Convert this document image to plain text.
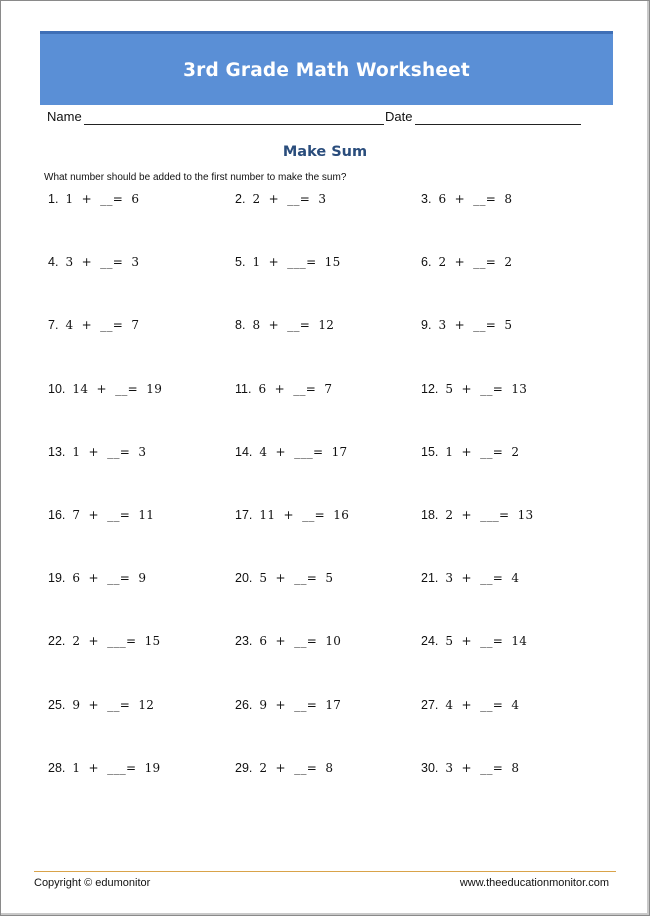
3rd Grade Math Worksheet
Name	Date
Make Sum
What number should be added to the first number to make the sum?
1. 1  +  __=  6	2. 2  +  __=  3	3. 6  +  __=  8
4. 3  +  __=  3	5. 1  +  ___=  15	6. 2  +  __=  2
7. 4  +  __=  7	8. 8  +  __=  12	9. 3  +  __=  5
10. 14  +  __=  19	11. 6  +  __=  7	12. 5  +  __=  13
13. 1  +  __=  3	14. 4  +  ___=  17	15. 1  +  __=  2
16. 7  +  __=  11	17. 11  +  __=  16	18. 2  +  ___=  13
19. 6  +  __=  9	20. 5  +  __=  5	21. 3  +  __=  4
22. 2  +  ___=  15	23. 6  +  __=  10	24. 5  +  __=  14
25. 9  +  __=  12	26. 9  +  __=  17	27. 4  +  __=  4
28. 1  +  ___=  19	29. 2  +  __=  8	30. 3  +  __=  8
Copyright © edumonitor	www.theeducationmonitor.com
